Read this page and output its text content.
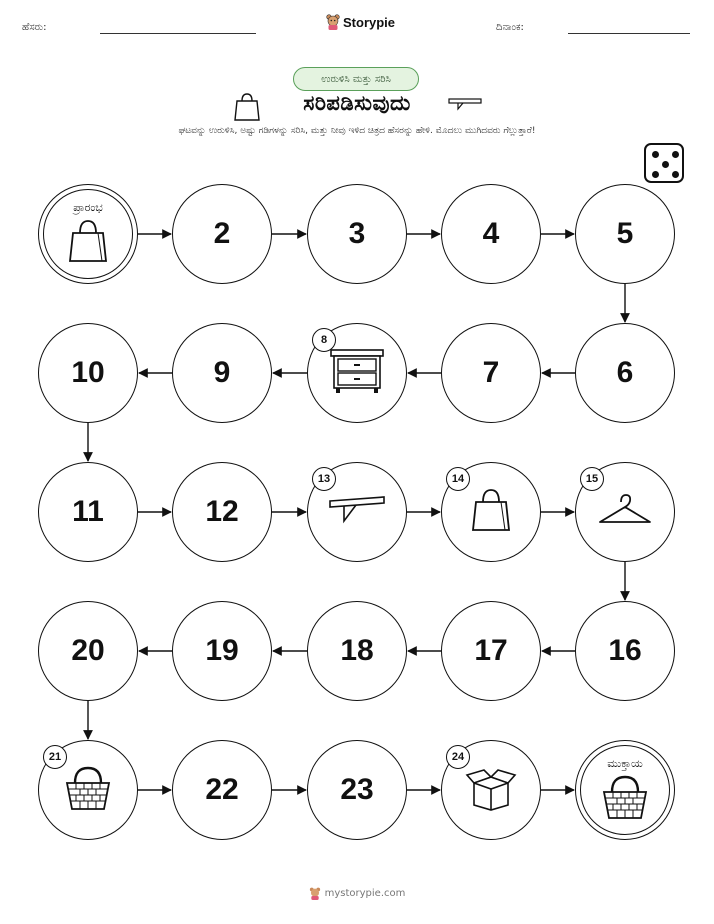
ಹೆಸರು:	Storypie	ದಿನಾಂಕ:
ಉರುಳಿಸಿ ಮತ್ತು ಸರಿಸಿ
ಸರಿಪಡಿಸುವುದು
ಘಟವನ್ನು ಉರುಳಿಸಿ, ಅಷ್ಟು ಗಡಿಗಳನ್ನು ಸರಿಸಿ, ಮತ್ತು ನೀವು ಇಳಿದ ಚಿತ್ರದ ಹೆಸರನ್ನು ಹೇಳಿ. ಮೊದಲು ಮುಗಿದವರು ಗೆಲ್ಲುತ್ತಾರೆ!
ಪ್ರಾರಂಭ
2	3	4	5
6
7
8
9
10
11	12
13	14	15
16
17
18
19
20
21
22	23
24	ಮುಕ್ತಾಯ
mystorypie.com
